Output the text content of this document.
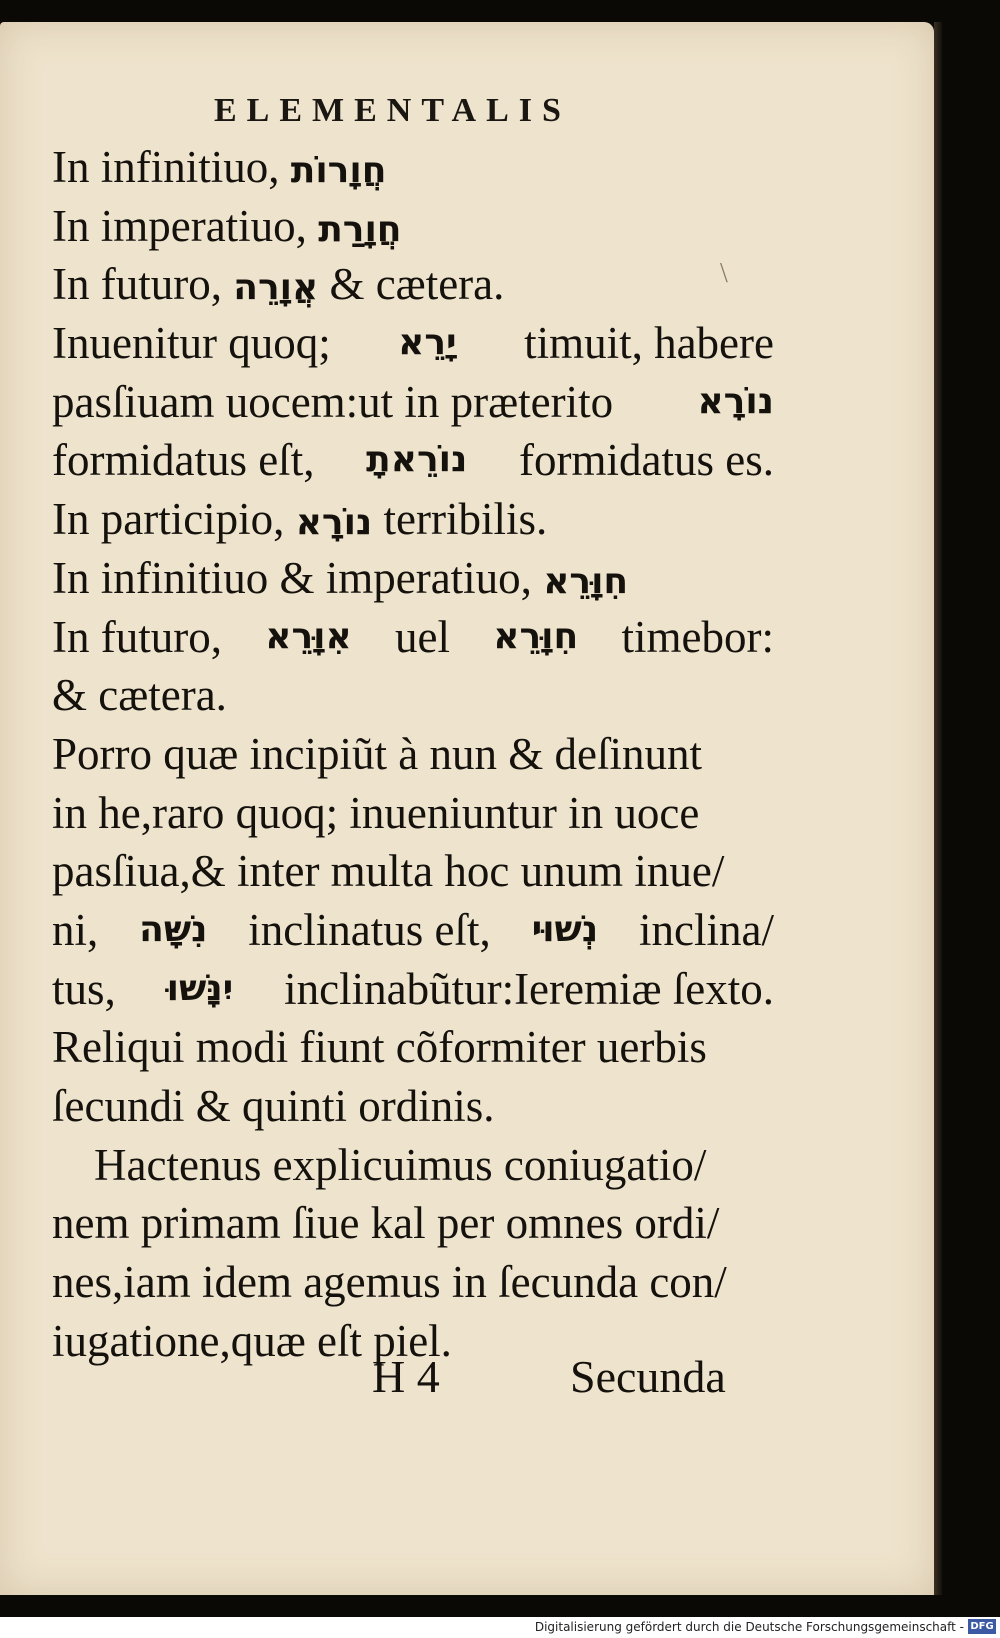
ELEMENTALIS
In infinitiuo, חֲוָרוֹת
In imperatiuo, חֲוָרַת
In futuro, אֲוָרֵה & cætera.
Inuenitur quoq; יָרֵא timuit, habere
pasſiuam uocem:ut in præterito נוֹרָא
formidatus eſt, נוֹרֵאתָ formidatus es.
In participio, נוֹרָא terribilis.
In infinitiuo & imperatiuo, חִוָּרֵא
In futuro, אִוָּרֵא uel חִוָּרֵא timebor:
& cætera.
Porro quæ incipiũt à nun & deſinunt
in he,raro quoq; inueniuntur in uoce
pasſiua,& inter multa hoc unum inue/
ni, נִשָּׁה inclinatus eſt, נְשׁוּי inclina/
tus, יִנָּשׁוּ inclinabũtur:Ieremiæ ſexto.
Reliqui modi fiunt cõformiter uerbis
ſecundi & quinti ordinis.
Hactenus explicuimus coniugatio/
nem primam ſiue kal per omnes ordi/
nes,iam idem agemus in ſecunda con/
iugatione,quæ eſt piel.
H 4	Secunda
\
Digitalisierung gefördert durch die Deutsche Forschungsgemeinschaft - DFG
